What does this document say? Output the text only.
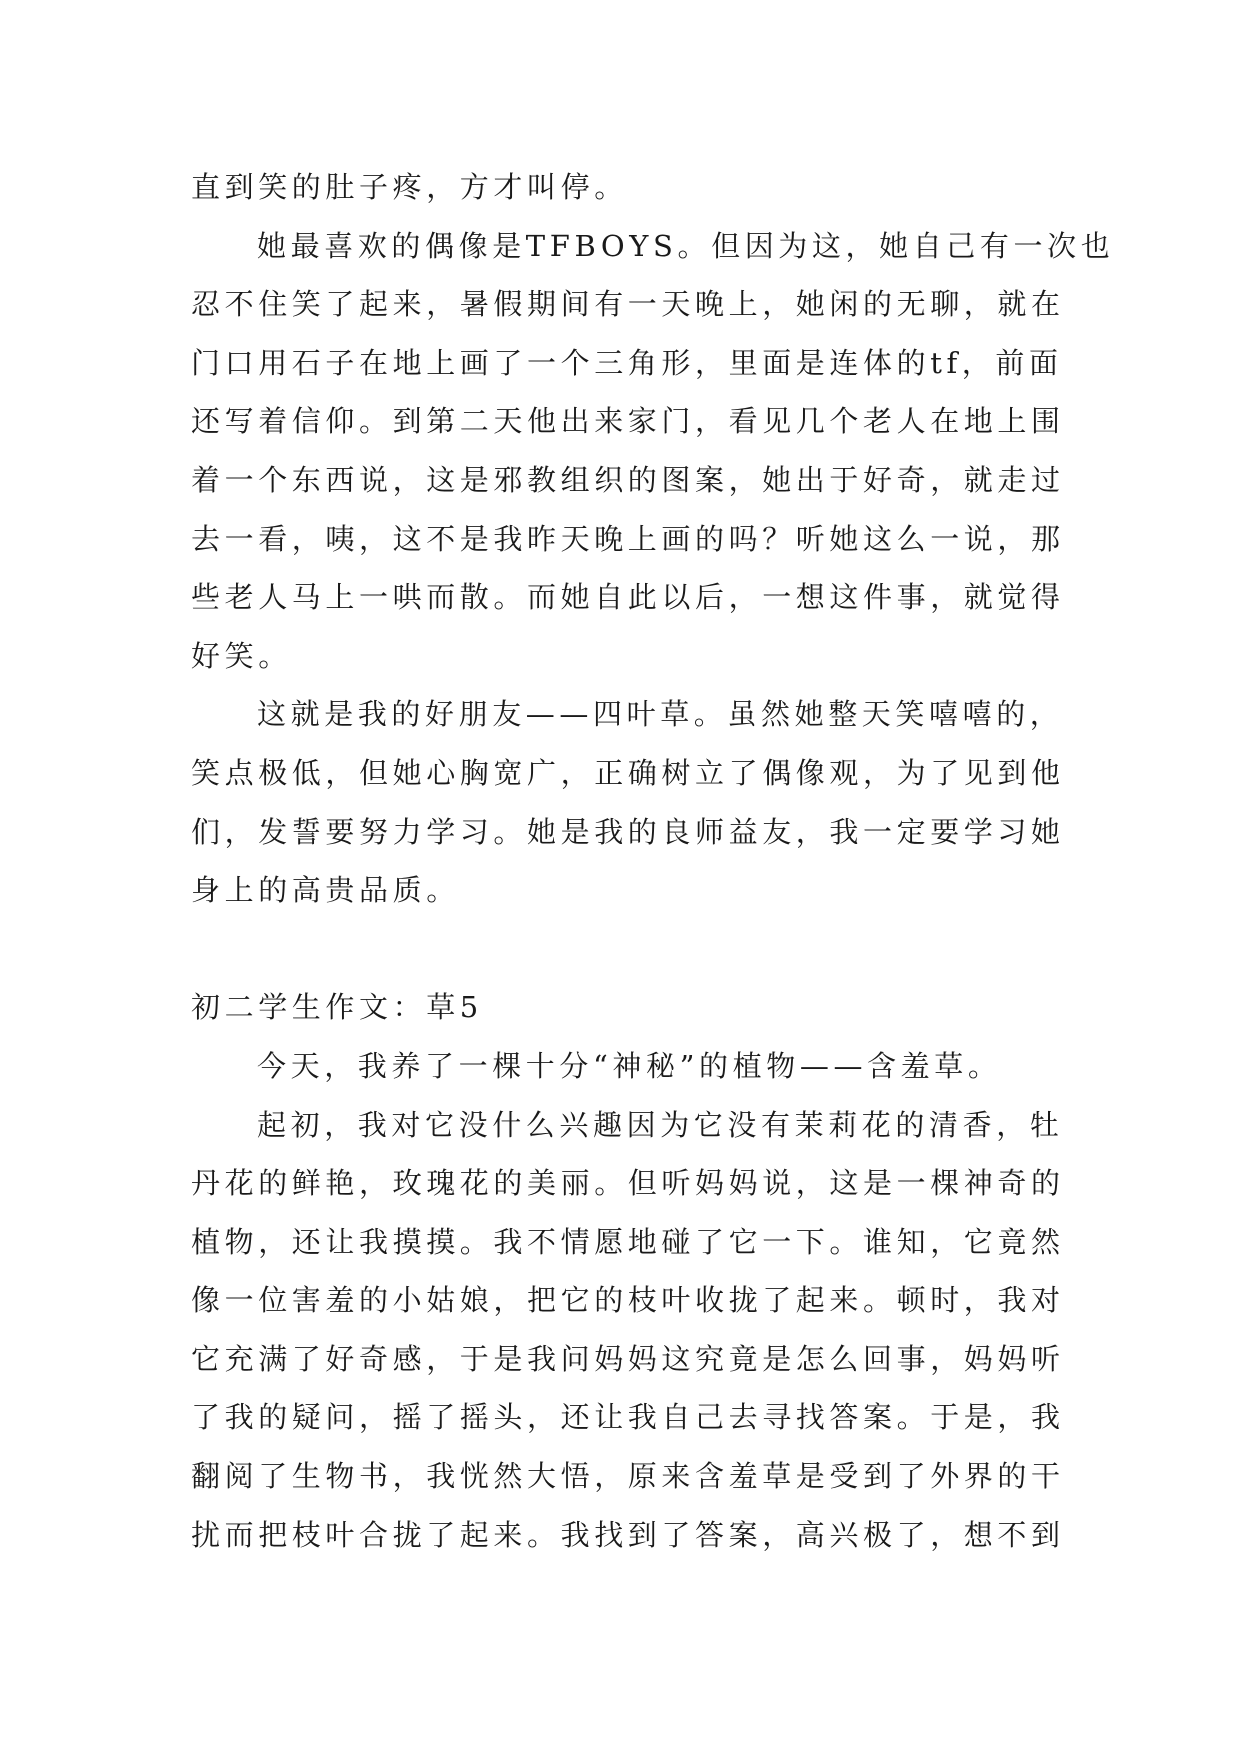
直到笑的肚子疼，方才叫停。
她最喜欢的偶像是TFBOYS。但因为这，她自己有一次也
忍不住笑了起来，暑假期间有一天晚上，她闲的无聊，就在
门口用石子在地上画了一个三角形，里面是连体的tf，前面
还写着信仰。到第二天他出来家门，看见几个老人在地上围
着一个东西说，这是邪教组织的图案，她出于好奇，就走过
去一看，咦，这不是我昨天晚上画的吗？听她这么一说，那
些老人马上一哄而散。而她自此以后，一想这件事，就觉得
好笑。
这就是我的好朋友——四叶草。虽然她整天笑嘻嘻的，
笑点极低，但她心胸宽广，正确树立了偶像观，为了见到他
们，发誓要努力学习。她是我的良师益友，我一定要学习她
身上的高贵品质。
初二学生作文：草5
今天，我养了一棵十分“神秘”的植物——含羞草。
起初，我对它没什么兴趣因为它没有茉莉花的清香，牡
丹花的鲜艳，玫瑰花的美丽。但听妈妈说，这是一棵神奇的
植物，还让我摸摸。我不情愿地碰了它一下。谁知，它竟然
像一位害羞的小姑娘，把它的枝叶收拢了起来。顿时，我对
它充满了好奇感，于是我问妈妈这究竟是怎么回事，妈妈听
了我的疑问，摇了摇头，还让我自己去寻找答案。于是，我
翻阅了生物书，我恍然大悟，原来含羞草是受到了外界的干
扰而把枝叶合拢了起来。我找到了答案，高兴极了，想不到
